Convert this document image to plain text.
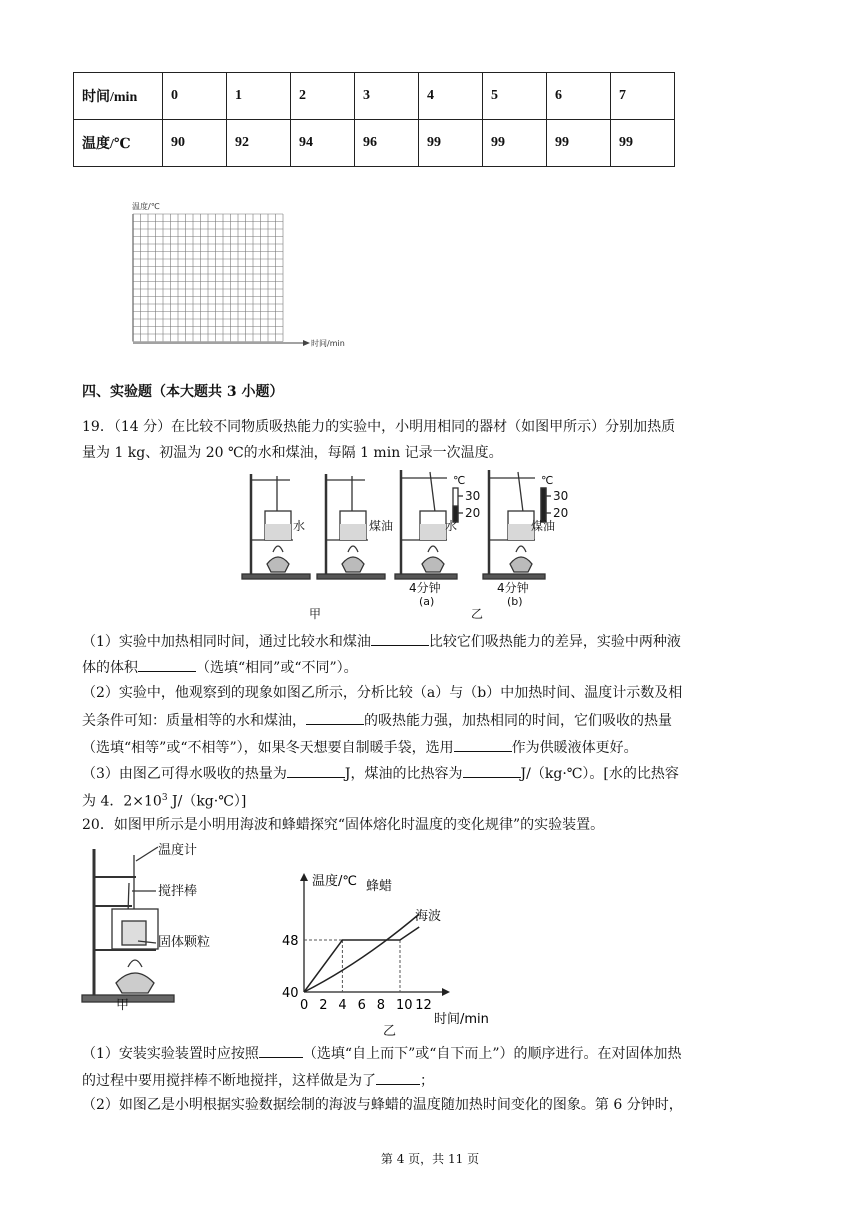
时间/min	0	1	2	3	4	5	6	7
温度/℃	90	92	94	96	99	99	99	99
温度/℃
时间/min
四、实验题（本大题共 3 小题）
19．（14 分）在比较不同物质吸热能力的实验中，小明用相同的器材（如图甲所示）分别加热质
量为 1 kg、初温为 20 ℃的水和煤油，每隔 1 min 记录一次温度。
水	煤油
℃
30
20
水
℃
30
20
煤油
4分钟	4分钟
(a)	(b)
甲	乙
（1）实验中加热相同时间，通过比较水和煤油	比较它们吸热能力的差异，实验中两种液
体的体积	（选填“相同”或“不同”）。
（2）实验中，他观察到的现象如图乙所示，分析比较（a）与（b）中加热时间、温度计示数及相
关条件可知：质量相等的水和煤油，	的吸热能力强，加热相同的时间，它们吸收的热量
（选填“相等”或“不相等”），如果冬天想要自制暖手袋，选用	作为供暖液体更好。
（3）由图乙可得水吸收的热量为	J，煤油的比热容为	J/（kg·℃）。[水的比热容
为 4．$2\times 10^3$ J/（kg·℃）]
20．如图甲所示是小明用海波和蜂蜡探究“固体熔化时温度的变化规律”的实验装置。
甲
温度计
搅拌棒
固体颗粒
温度/℃
时间/min
0 2 4 6 8 10 12
48
40
蜂蜡
海波
乙
（1）安装实验装置时应按照	（选填“自上而下”或“自下而上”）的顺序进行。在对固体加热
的过程中要用搅拌棒不断地搅拌，这样做是为了	；
（2）如图乙是小明根据实验数据绘制的海波与蜂蜡的温度随加热时间变化的图象。第 6 分钟时，
第 4 页，共 11 页
